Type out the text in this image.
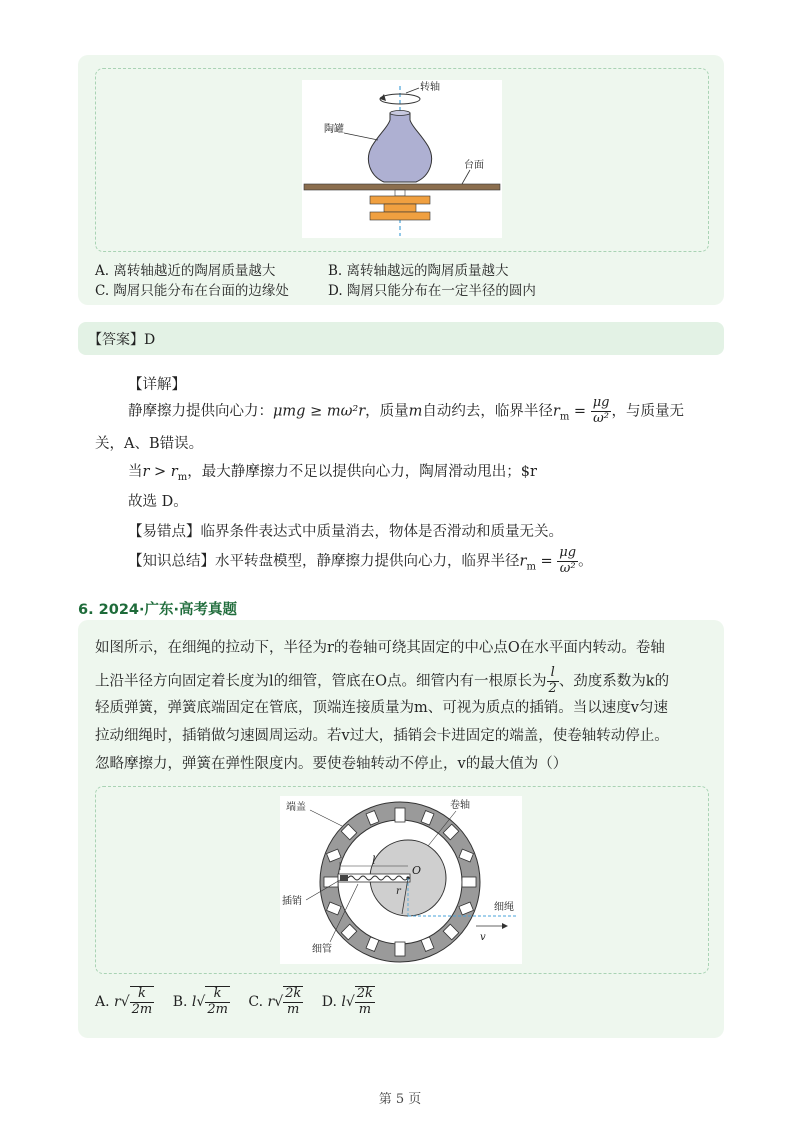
转轴
陶罐
台面
A. 离转轴越近的陶屑质量越大	B. 离转轴越远的陶屑质量越大
C. 陶屑只能分布在台面的边缘处	D. 陶屑只能分布在一定半径的圆内
【答案】D
【详解】
静摩擦力提供向心力：μmg ≥ mω²r，质量m自动约去，临界半径$r_m = \frac{\mu g}{\text{ω²}}$ ，与质量无
关，A、B错误。
当$r > r_m$，最大静摩擦力不足以提供向心力，陶屑滑动甩出；$r
故选 D。
【易错点】临界条件表达式中质量消去，物体是否滑动和质量无关。
【知识总结】水平转盘模型，静摩擦力提供向心力，临界半径$r_m = \frac{\mu g}{\text{ω²}}$ 。
6. 2024·广东·高考真题
如图所示，在细绳的拉动下，半径为r的卷轴可绕其固定的中心点O在水平面内转动。卷轴
上沿半径方向固定着长度为l的细管，管底在O点。细管内有一根原长为 $\frac{l}{2}$ 、劲度系数为k的
轻质弹簧，弹簧底端固定在管底，顶端连接质量为m、可视为质点的插销。当以速度v匀速
拉动细绳时，插销做匀速圆周运动。若v过大，插销会卡进固定的端盖，使卷轴转动停止。
忽略摩擦力，弹簧在弹性限度内。要使卷轴转动不停止，v的最大值为（）
l
O
r
v
端盖	卷轴
插销
细管
细绳
A. $r√ \frac{k}{2m} B$. $l√ \frac{k}{2m} C$. $r√ \frac{2k}{m} D$. $l√ \frac{2k}{m}$
第 5 页
